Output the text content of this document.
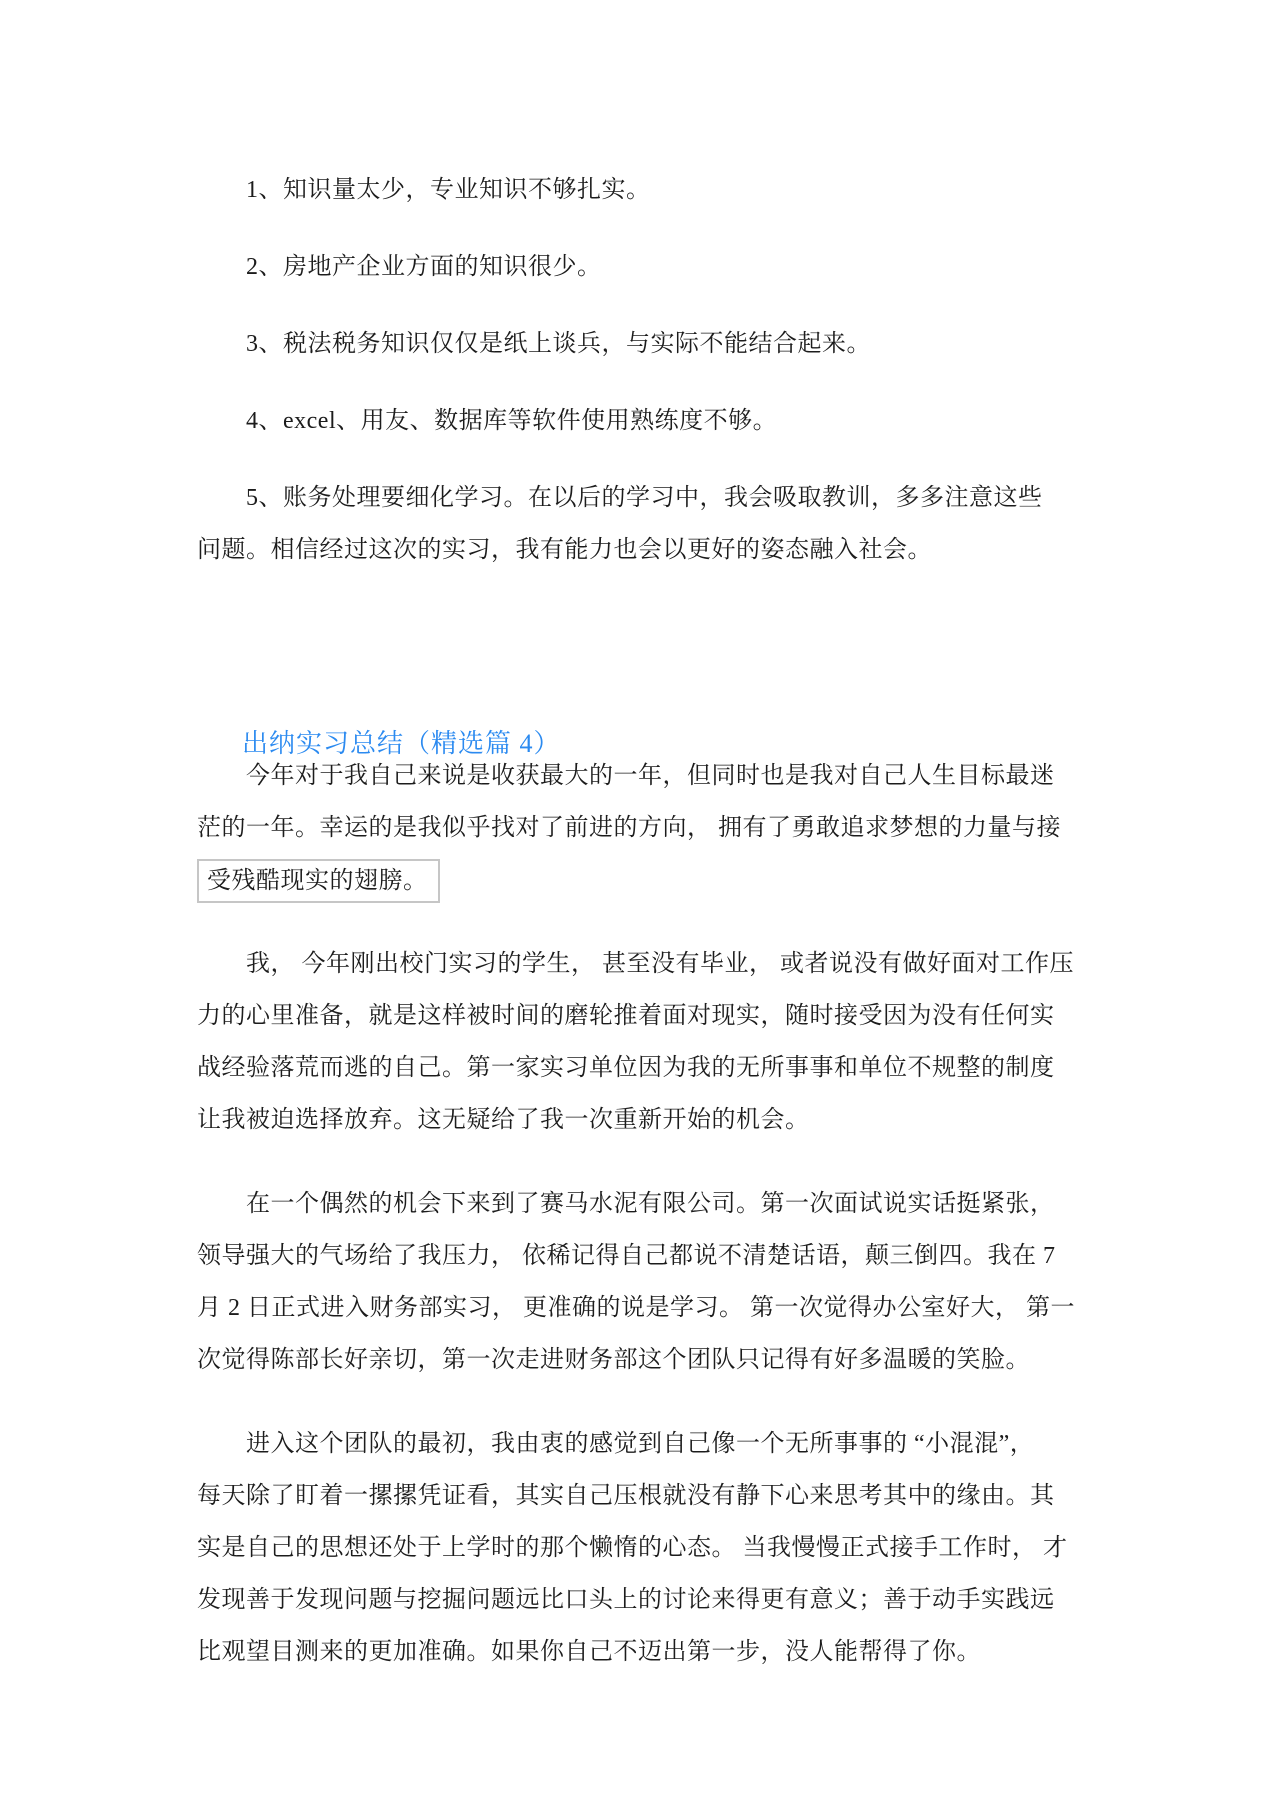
1、知识量太少，专业知识不够扎实。
2、房地产企业方面的知识很少。
3、税法税务知识仅仅是纸上谈兵，与实际不能结合起来。
4、excel、用友、数据库等软件使用熟练度不够。
5、账务处理要细化学习。在以后的学习中，我会吸取教训，多多注意这些
问题。相信经过这次的实习，我有能力也会以更好的姿态融入社会。

出纳实习总结（精选篇 4）

今年对于我自己来说是收获最大的一年，但同时也是我对自己人生目标最迷
茫的一年。幸运的是我似乎找对了前进的方向， 拥有了勇敢追求梦想的力量与接
受残酷现实的翅膀。
我， 今年刚出校门实习的学生， 甚至没有毕业， 或者说没有做好面对工作压
力的心里准备，就是这样被时间的磨轮推着面对现实，随时接受因为没有任何实
战经验落荒而逃的自己。第一家实习单位因为我的无所事事和单位不规整的制度
让我被迫选择放弃。这无疑给了我一次重新开始的机会。
在一个偶然的机会下来到了赛马水泥有限公司。第一次面试说实话挺紧张，
领导强大的气场给了我压力， 依稀记得自己都说不清楚话语，颠三倒四。我在 7
月 2 日正式进入财务部实习， 更准确的说是学习。 第一次觉得办公室好大， 第一
次觉得陈部长好亲切，第一次走进财务部这个团队只记得有好多温暖的笑脸。
进入这个团队的最初，我由衷的感觉到自己像一个无所事事的 “小混混”，
每天除了盯着一摞摞凭证看，其实自己压根就没有静下心来思考其中的缘由。其
实是自己的思想还处于上学时的那个懒惰的心态。 当我慢慢正式接手工作时， 才
发现善于发现问题与挖掘问题远比口头上的讨论来得更有意义；善于动手实践远
比观望目测来的更加准确。如果你自己不迈出第一步，没人能帮得了你。
